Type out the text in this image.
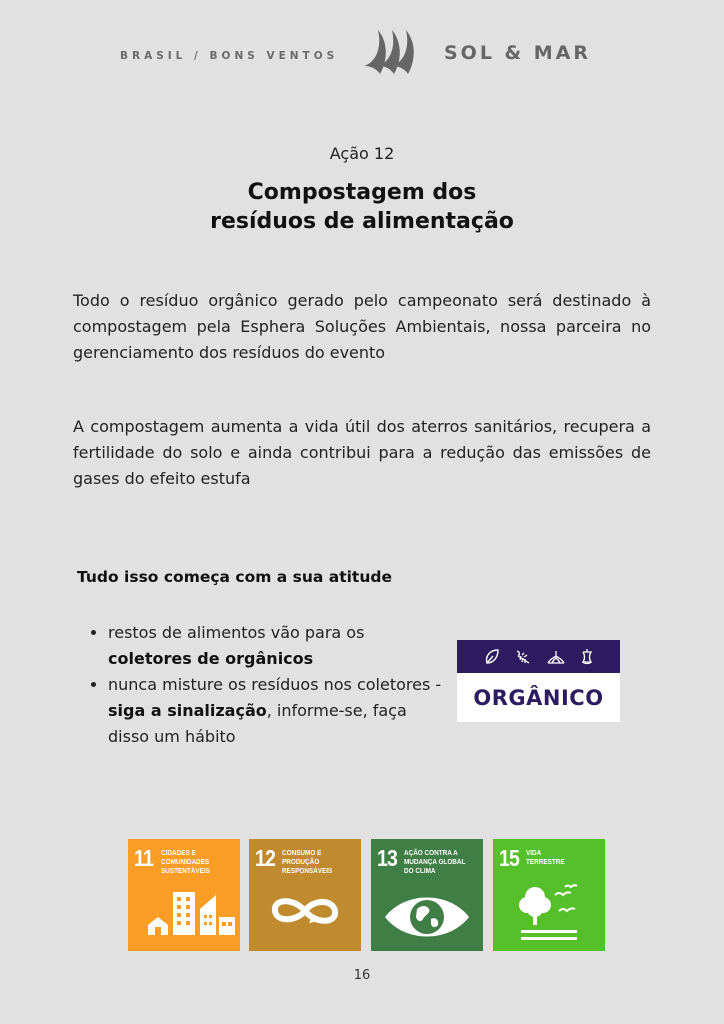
BRASIL / BONS VENTOS	SOL & MAR
Ação 12
Compostagem dos
resíduos de alimentação
Todo o resíduo orgânico gerado pelo campeonato será destinado à compostagem pela Esphera Soluções Ambientais, nossa parceira no gerenciamento dos resíduos do evento
A compostagem aumenta a vida útil dos aterros sanitários, recupera a fertilidade do solo e ainda contribui para a redução das emissões de gases do efeito estufa
Tudo isso começa com a sua atitude
• restos de alimentos vão para os coletores de orgânicos
• nunca misture os resíduos nos coletores - siga a sinalização, informe-se, faça disso um hábito
ORGÂNICO
11 CIDADES E
COMUNIDADES
SUSTENTÁVEIS 12 CONSUMO E
PRODUÇÃO
RESPONSÁVEIS 13 AÇÃO CONTRA A
MUDANÇA GLOBAL
DO CLIMA	15 VIDA
TERRESTRE
16
